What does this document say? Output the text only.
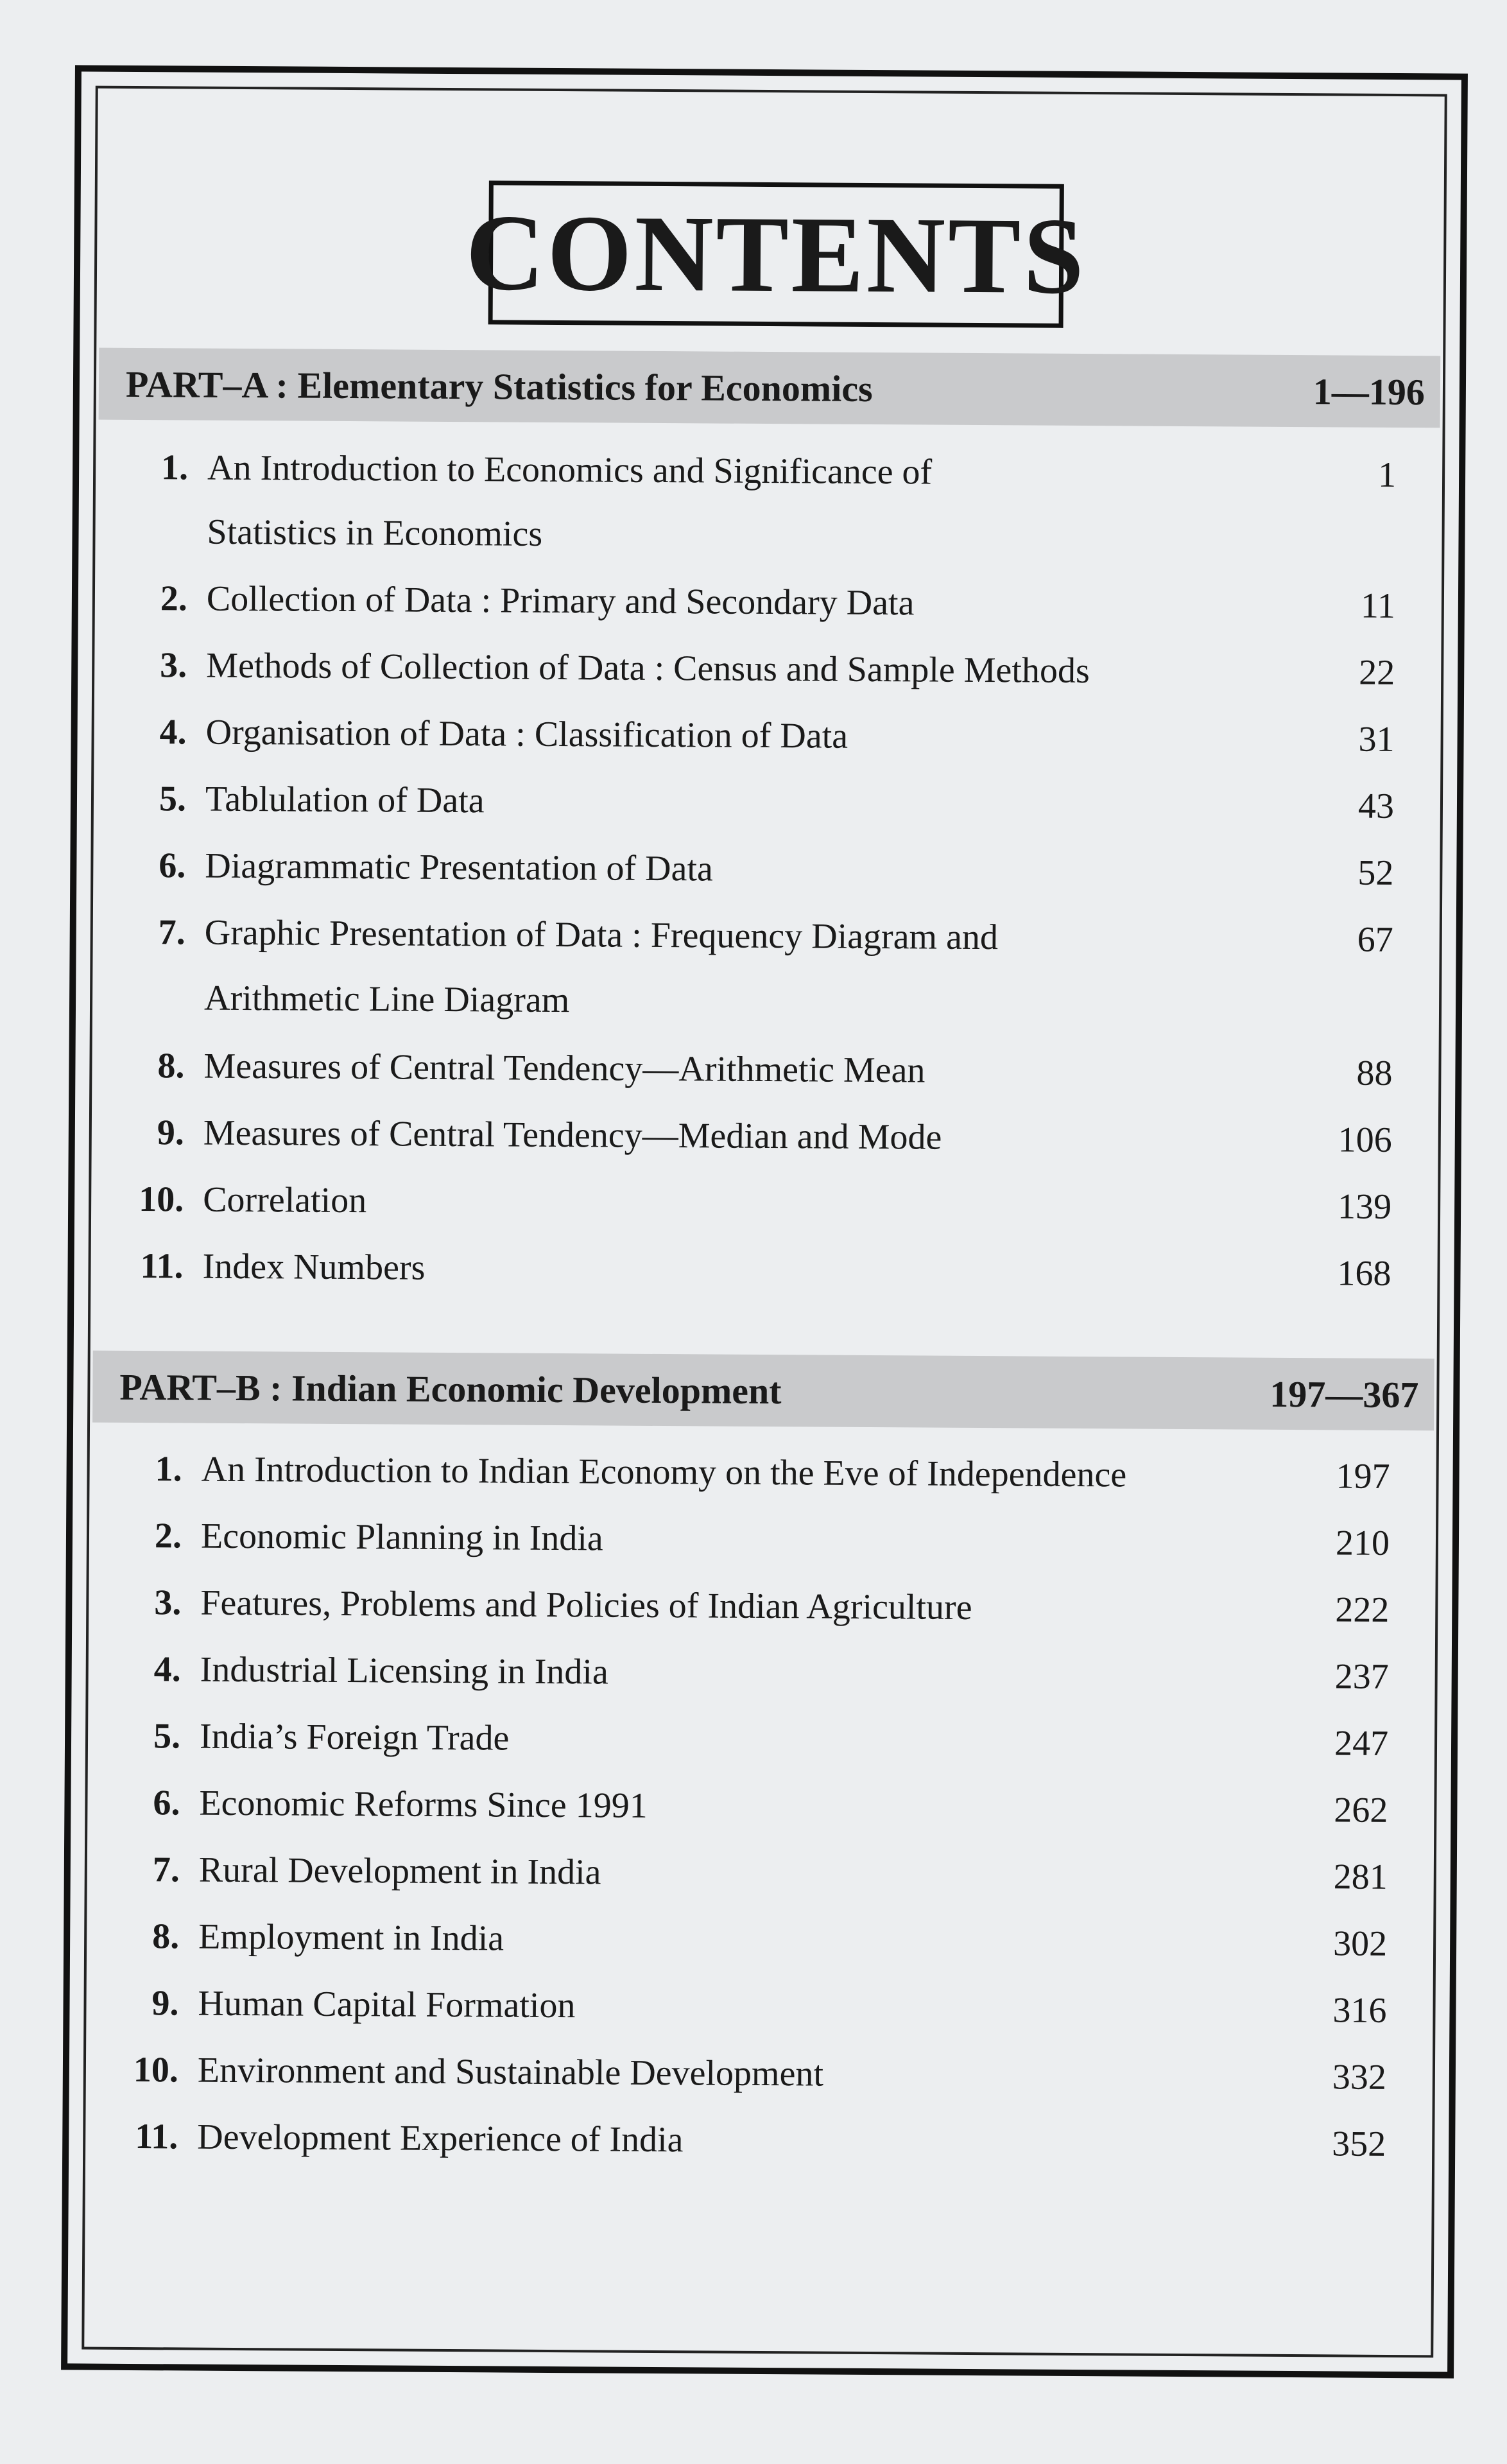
CONTENTS
PART–A : Elementary Statistics for Economics	1—196
1. An Introduction to Economics and Significance of	1
Statistics in Economics
2. Collection of Data : Primary and Secondary Data	11
3. Methods of Collection of Data : Census and Sample Methods	22
4. Organisation of Data : Classification of Data	31
5. Tablulation of Data	43
6. Diagrammatic Presentation of Data	52
7. Graphic Presentation of Data : Frequency Diagram and	67
Arithmetic Line Diagram
8. Measures of Central Tendency—Arithmetic Mean	88
9. Measures of Central Tendency—Median and Mode	106
10. Correlation	139
11. Index Numbers	168
PART–B : Indian Economic Development	197—367
1. An Introduction to Indian Economy on the Eve of Independence	197
2. Economic Planning in India	210
3. Features, Problems and Policies of Indian Agriculture	222
4. Industrial Licensing in India	237
5. India’s Foreign Trade	247
6. Economic Reforms Since 1991	262
7. Rural Development in India	281
8. Employment in India	302
9. Human Capital Formation	316
10. Environment and Sustainable Development	332
11. Development Experience of India	352
